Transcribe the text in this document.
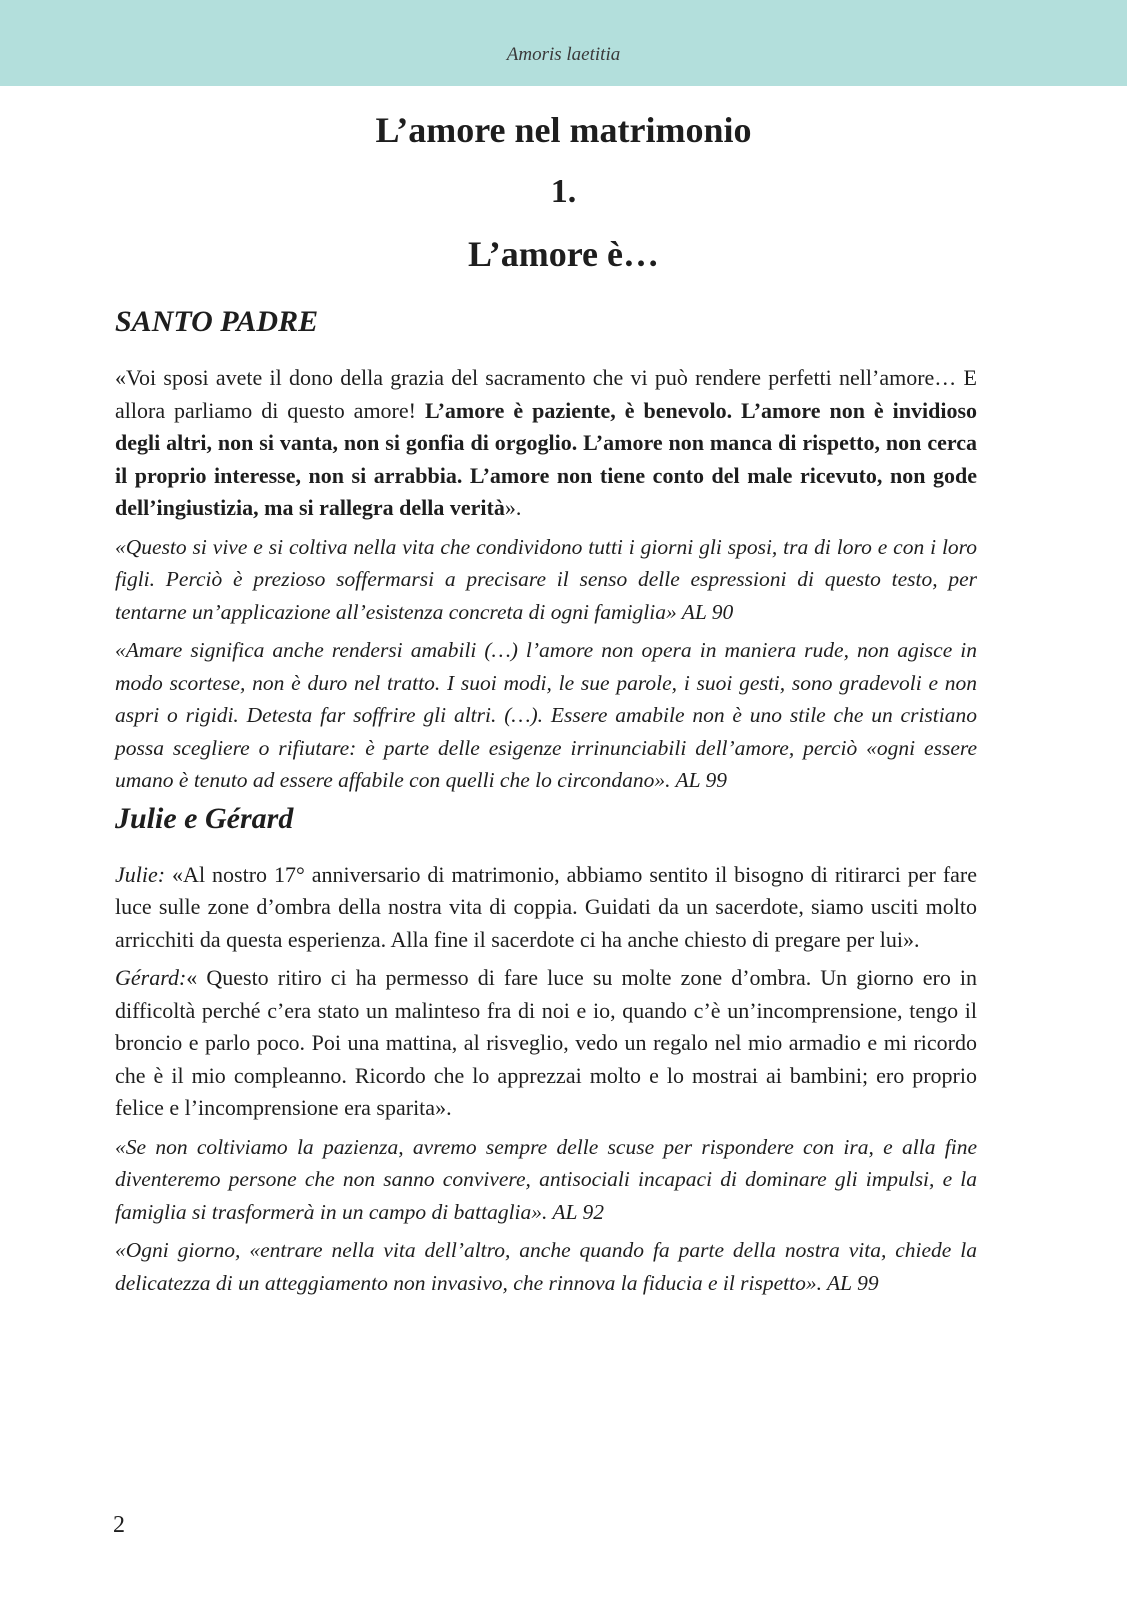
Amoris laetitia
L’amore nel matrimonio
1.
L’amore è…
SANTO PADRE

«Voi sposi avete il dono della grazia del sacramento che vi può rendere perfetti nell’amore… E allora parliamo di questo amore! L’amore è paziente, è benevolo. L’amore non è invidioso degli altri, non si vanta, non si gonfia di orgoglio. L’amore non manca di rispetto, non cerca il proprio interesse, non si arrabbia. L’amore non tiene conto del male ricevuto, non gode dell’ingiustizia, ma si rallegra della verità».

«Questo si vive e si coltiva nella vita che condividono tutti i giorni gli sposi, tra di loro e con i loro figli. Perciò è prezioso soffermarsi a precisare il senso delle espressioni di questo testo, per tentarne un’applicazione all’esistenza concreta di ogni famiglia» AL 90

«Amare significa anche rendersi amabili (…) l’amore non opera in maniera rude, non agisce in modo scortese, non è duro nel tratto. I suoi modi, le sue parole, i suoi gesti, sono gradevoli e non aspri o rigidi. Detesta far soffrire gli altri. (…). Essere amabile non è uno stile che un cristiano possa scegliere o rifiutare: è parte delle esigenze irrinunciabili dell’amore, perciò «ogni essere umano è tenuto ad essere affabile con quelli che lo circondano». AL 99

Julie e Gérard

Julie: «Al nostro 17° anniversario di matrimonio, abbiamo sentito il bisogno di ritirarci per fare luce sulle zone d’ombra della nostra vita di coppia. Guidati da un sacerdote, siamo usciti molto arricchiti da questa esperienza. Alla fine il sacerdote ci ha anche chiesto di pregare per lui».

Gérard:« Questo ritiro ci ha permesso di fare luce su molte zone d’ombra. Un giorno ero in difficoltà perché c’era stato un malinteso fra di noi e io, quando c’è un’incomprensione, tengo il broncio e parlo poco. Poi una mattina, al risveglio, vedo un regalo nel mio armadio e mi ricordo che è il mio compleanno. Ricordo che lo apprezzai molto e lo mostrai ai bambini; ero proprio felice e l’incomprensione era sparita».

«Se non coltiviamo la pazienza, avremo sempre delle scuse per rispondere con ira, e alla fine diventeremo persone che non sanno convivere, antisociali incapaci di dominare gli impulsi, e la famiglia si trasformerà in un campo di battaglia». AL 92

«Ogni giorno, «entrare nella vita dell’altro, anche quando fa parte della nostra vita, chiede la delicatezza di un atteggiamento non invasivo, che rinnova la fiducia e il rispetto». AL 99

2
